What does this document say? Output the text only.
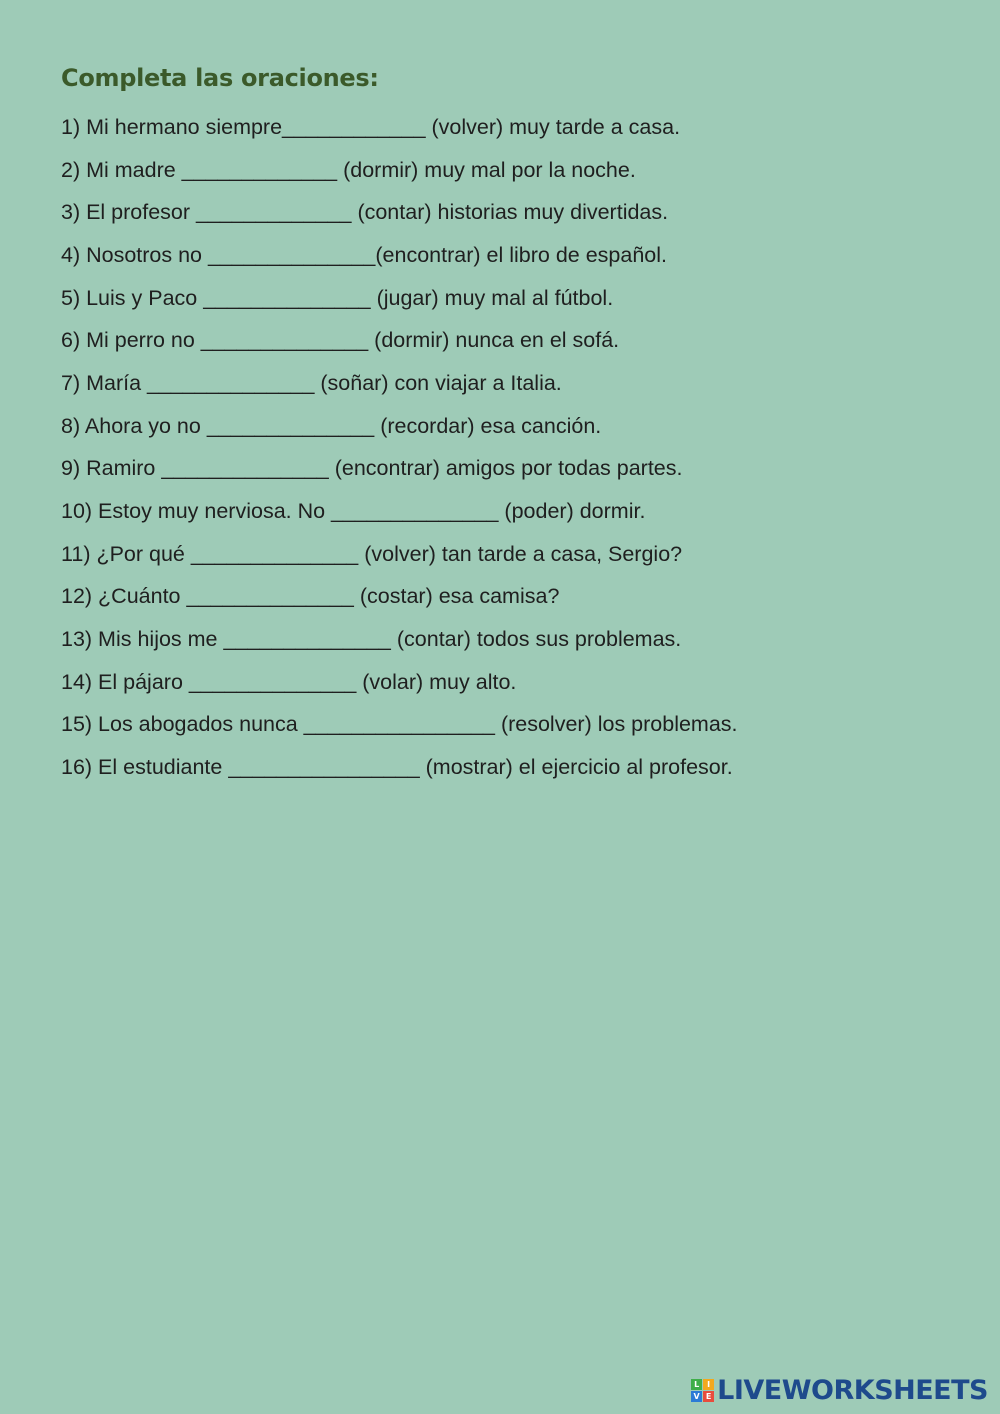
Completa las oraciones:
1) Mi hermano siempre____________ (volver) muy tarde a casa.
2) Mi madre _____________ (dormir) muy mal por la noche.
3) El profesor _____________ (contar) historias muy divertidas.
4) Nosotros no ______________(encontrar) el libro de español.
5) Luis y Paco ______________ (jugar) muy mal al fútbol.
6) Mi perro no ______________ (dormir) nunca en el sofá.
7) María ______________ (soñar) con viajar a Italia.
8) Ahora yo no ______________ (recordar) esa canción.
9) Ramiro ______________ (encontrar) amigos por todas partes.
10) Estoy muy nerviosa. No ______________ (poder) dormir.
11) ¿Por qué ______________ (volver) tan tarde a casa, Sergio?
12) ¿Cuánto ______________ (costar) esa camisa?
13) Mis hijos me ______________ (contar) todos sus problemas.
14) El pájaro ______________ (volar) muy alto.
15) Los abogados nunca ________________ (resolver) los problemas.
16) El estudiante ________________ (mostrar) el ejercicio al profesor.
L I
V E LIVEWORKSHEETS
